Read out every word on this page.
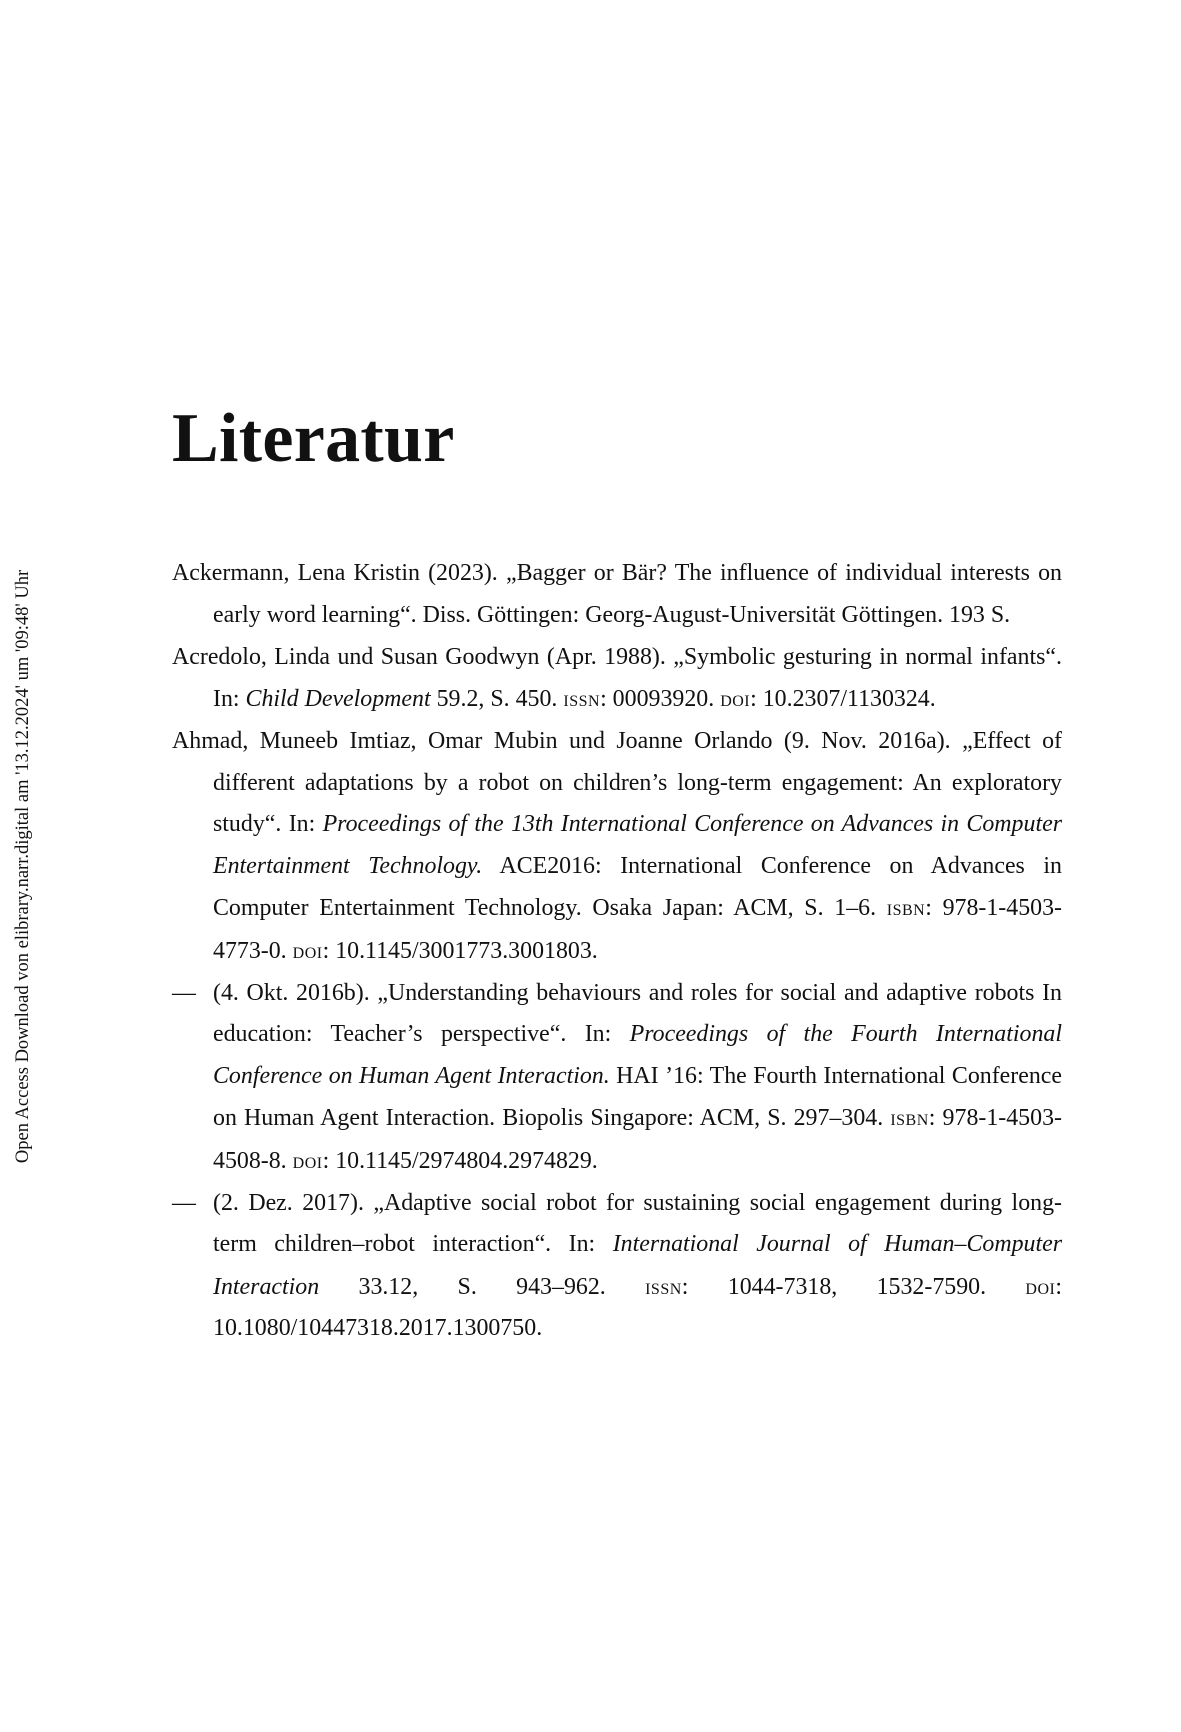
Open Access Download von elibrary.narr.digital am '13.12.2024' um '09:48' Uhr
Literatur
Ackermann, Lena Kristin (2023). „Bagger or Bär? The influence of individual interests on early word learning“. Diss. Göttingen: Georg-August-Universität Göttingen. 193 S.
Acredolo, Linda und Susan Goodwyn (Apr. 1988). „Symbolic gesturing in normal infants“. In: Child Development 59.2, S. 450. issn: 00093920. doi: 10.2307/1130324.
Ahmad, Muneeb Imtiaz, Omar Mubin und Joanne Orlando (9. Nov. 2016a). „Effect of different adaptations by a robot on children’s long-term engagement: An exploratory study“. In: Proceedings of the 13th International Conference on Advances in Computer Entertainment Technology. ACE2016: International Conference on Advances in Computer Entertainment Technology. Osaka Japan: ACM, S. 1–6. isbn: 978-1-4503-4773-0. doi: 10.1145/3001773.3001803.
— (4. Okt. 2016b). „Understanding behaviours and roles for social and adaptive robots In education: Teacher’s perspective“. In: Proceedings of the Fourth International Conference on Human Agent Interaction. HAI ’16: The Fourth International Conference on Human Agent Interaction. Biopolis Singapore: ACM, S. 297–304. isbn: 978-1-4503-4508-8. doi: 10.1145/2974804.2974829.
— (2. Dez. 2017). „Adaptive social robot for sustaining social engagement during long-term children–robot interaction“. In: International Journal of Human–Computer Interaction 33.12, S. 943–962. issn: 1044-7318, 1532-7590. doi: 10.1080/10447318.2017.1300750.
